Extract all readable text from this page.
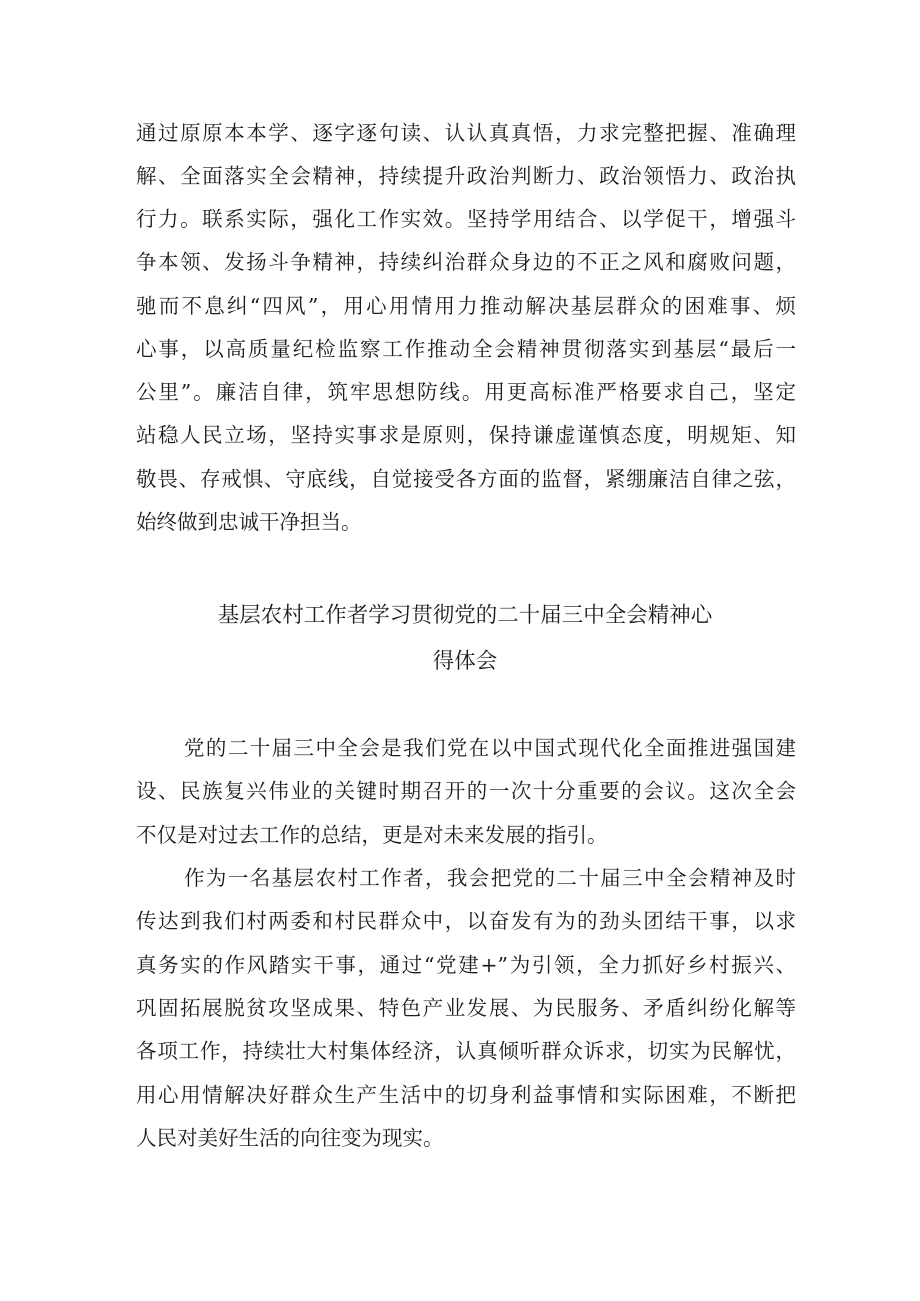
通过原原本本学、逐字逐句读、认认真真悟，力求完整把握、准确理
解、全面落实全会精神，持续提升政治判断力、政治领悟力、政治执
行力。联系实际，强化工作实效。坚持学用结合、以学促干，增强斗
争本领、发扬斗争精神，持续纠治群众身边的不正之风和腐败问题，
驰而不息纠“四风”，用心用情用力推动解决基层群众的困难事、烦
心事，以高质量纪检监察工作推动全会精神贯彻落实到基层“最后一
公里”。廉洁自律，筑牢思想防线。用更高标准严格要求自己，坚定
站稳人民立场，坚持实事求是原则，保持谦虚谨慎态度，明规矩、知
敬畏、存戒惧、守底线，自觉接受各方面的监督，紧绷廉洁自律之弦，
始终做到忠诚干净担当。
基层农村工作者学习贯彻党的二十届三中全会精神心
得体会
党的二十届三中全会是我们党在以中国式现代化全面推进强国建
设、民族复兴伟业的关键时期召开的一次十分重要的会议。这次全会
不仅是对过去工作的总结，更是对未来发展的指引。
作为一名基层农村工作者，我会把党的二十届三中全会精神及时
传达到我们村两委和村民群众中，以奋发有为的劲头团结干事，以求
真务实的作风踏实干事，通过“党建+”为引领，全力抓好乡村振兴、
巩固拓展脱贫攻坚成果、特色产业发展、为民服务、矛盾纠纷化解等
各项工作，持续壮大村集体经济，认真倾听群众诉求，切实为民解忧，
用心用情解决好群众生产生活中的切身利益事情和实际困难，不断把
人民对美好生活的向往变为现实。
